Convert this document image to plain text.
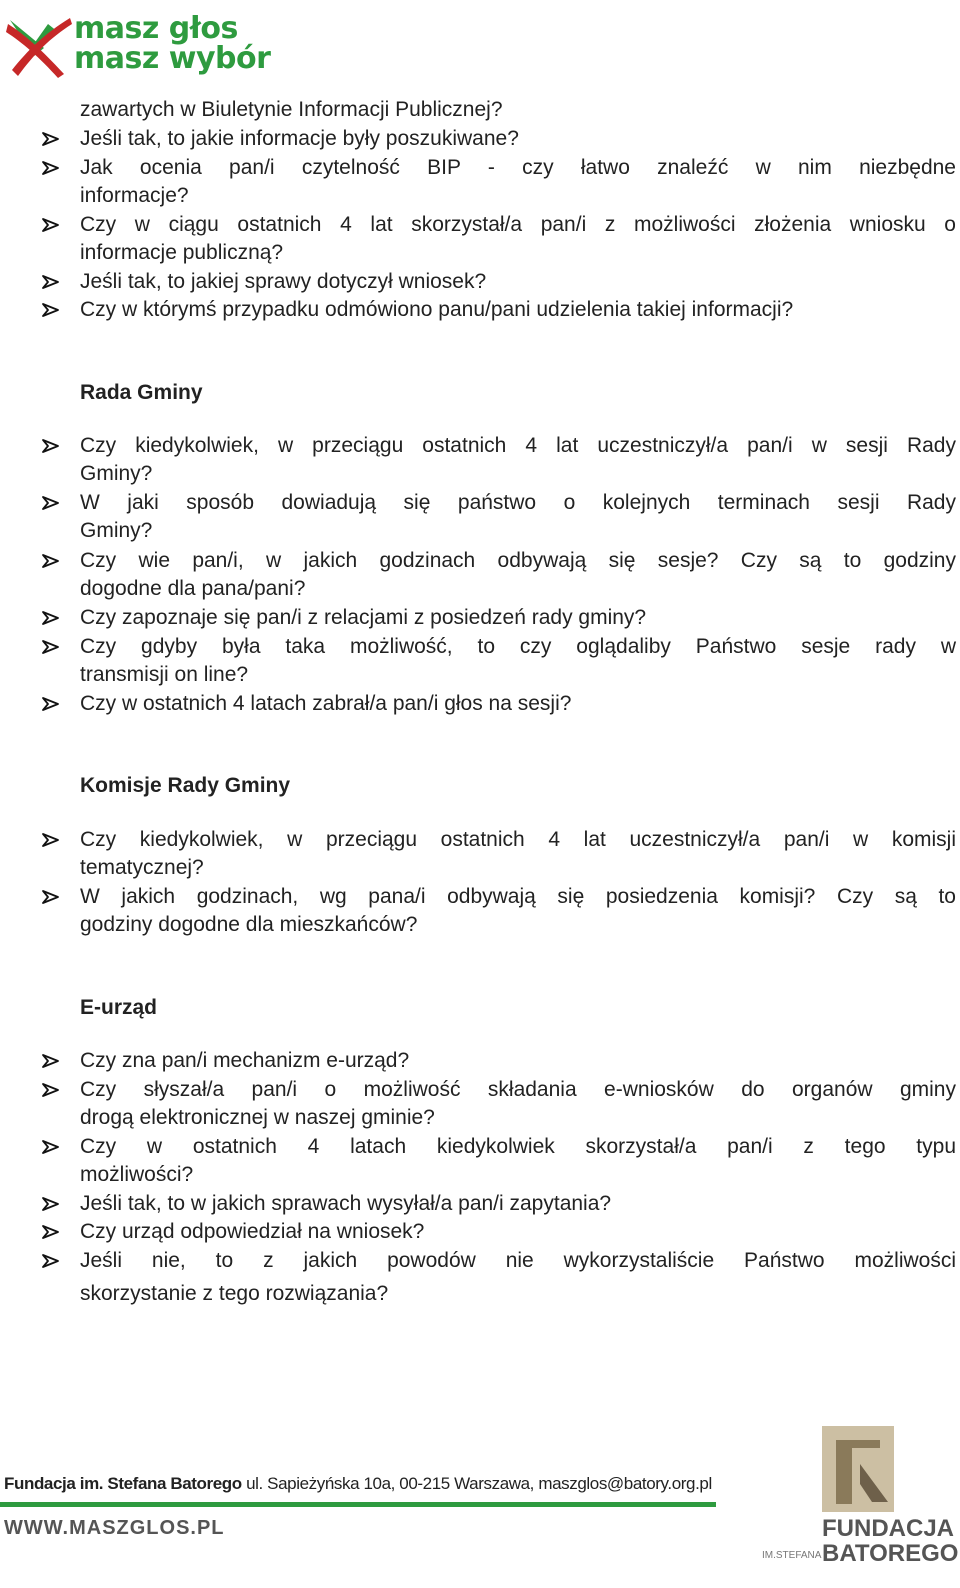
masz głos
masz wybór
zawartych w Biuletynie Informacji Publicznej?
Jeśli tak, to jakie informacje były poszukiwane?
Jak ocenia pan/i czytelność BIP - czy łatwo znaleźć w nim niezbędne
informacje?
Czy w ciągu ostatnich 4 lat skorzystał/a pan/i z możliwości złożenia wniosku o
informacje publiczną?
Jeśli tak, to jakiej sprawy dotyczył wniosek?
Czy w którymś przypadku odmówiono panu/pani udzielenia takiej informacji?
Rada Gminy
Czy kiedykolwiek, w przeciągu ostatnich 4 lat uczestniczył/a pan/i w sesji Rady
Gminy?
W jaki sposób dowiadują się państwo o kolejnych terminach sesji Rady
Gminy?
Czy wie pan/i, w jakich godzinach odbywają się sesje? Czy są to godziny
dogodne dla pana/pani?
Czy zapoznaje się pan/i z relacjami z posiedzeń rady gminy?
Czy gdyby była taka możliwość, to czy oglądaliby Państwo sesje rady w
transmisji on line?
Czy w ostatnich 4 latach zabrał/a pan/i głos na sesji?
Komisje Rady Gminy
Czy kiedykolwiek, w przeciągu ostatnich 4 lat uczestniczył/a pan/i w komisji
tematycznej?
W jakich godzinach, wg pana/i odbywają się posiedzenia komisji? Czy są to
godziny dogodne dla mieszkańców?
E-urząd
Czy zna pan/i mechanizm e-urząd?
Czy słyszał/a pan/i o możliwość składania e-wniosków do organów gminy
drogą elektronicznej w naszej gminie?
Czy w ostatnich 4 latach kiedykolwiek skorzystał/a pan/i z tego typu
możliwości?
Jeśli tak, to w jakich sprawach wysyłał/a pan/i zapytania?
Czy urząd odpowiedział na wniosek?
Jeśli nie, to z jakich powodów nie wykorzystaliście Państwo możliwości
skorzystanie z tego rozwiązania?
Fundacja im. Stefana Batorego ul. Sapieżyńska 10a, 00-215 Warszawa, maszglos@batory.org.pl
WWW.MASZGLOS.PL	FUNDACJA
BATOREGO
IM.STEFANA
